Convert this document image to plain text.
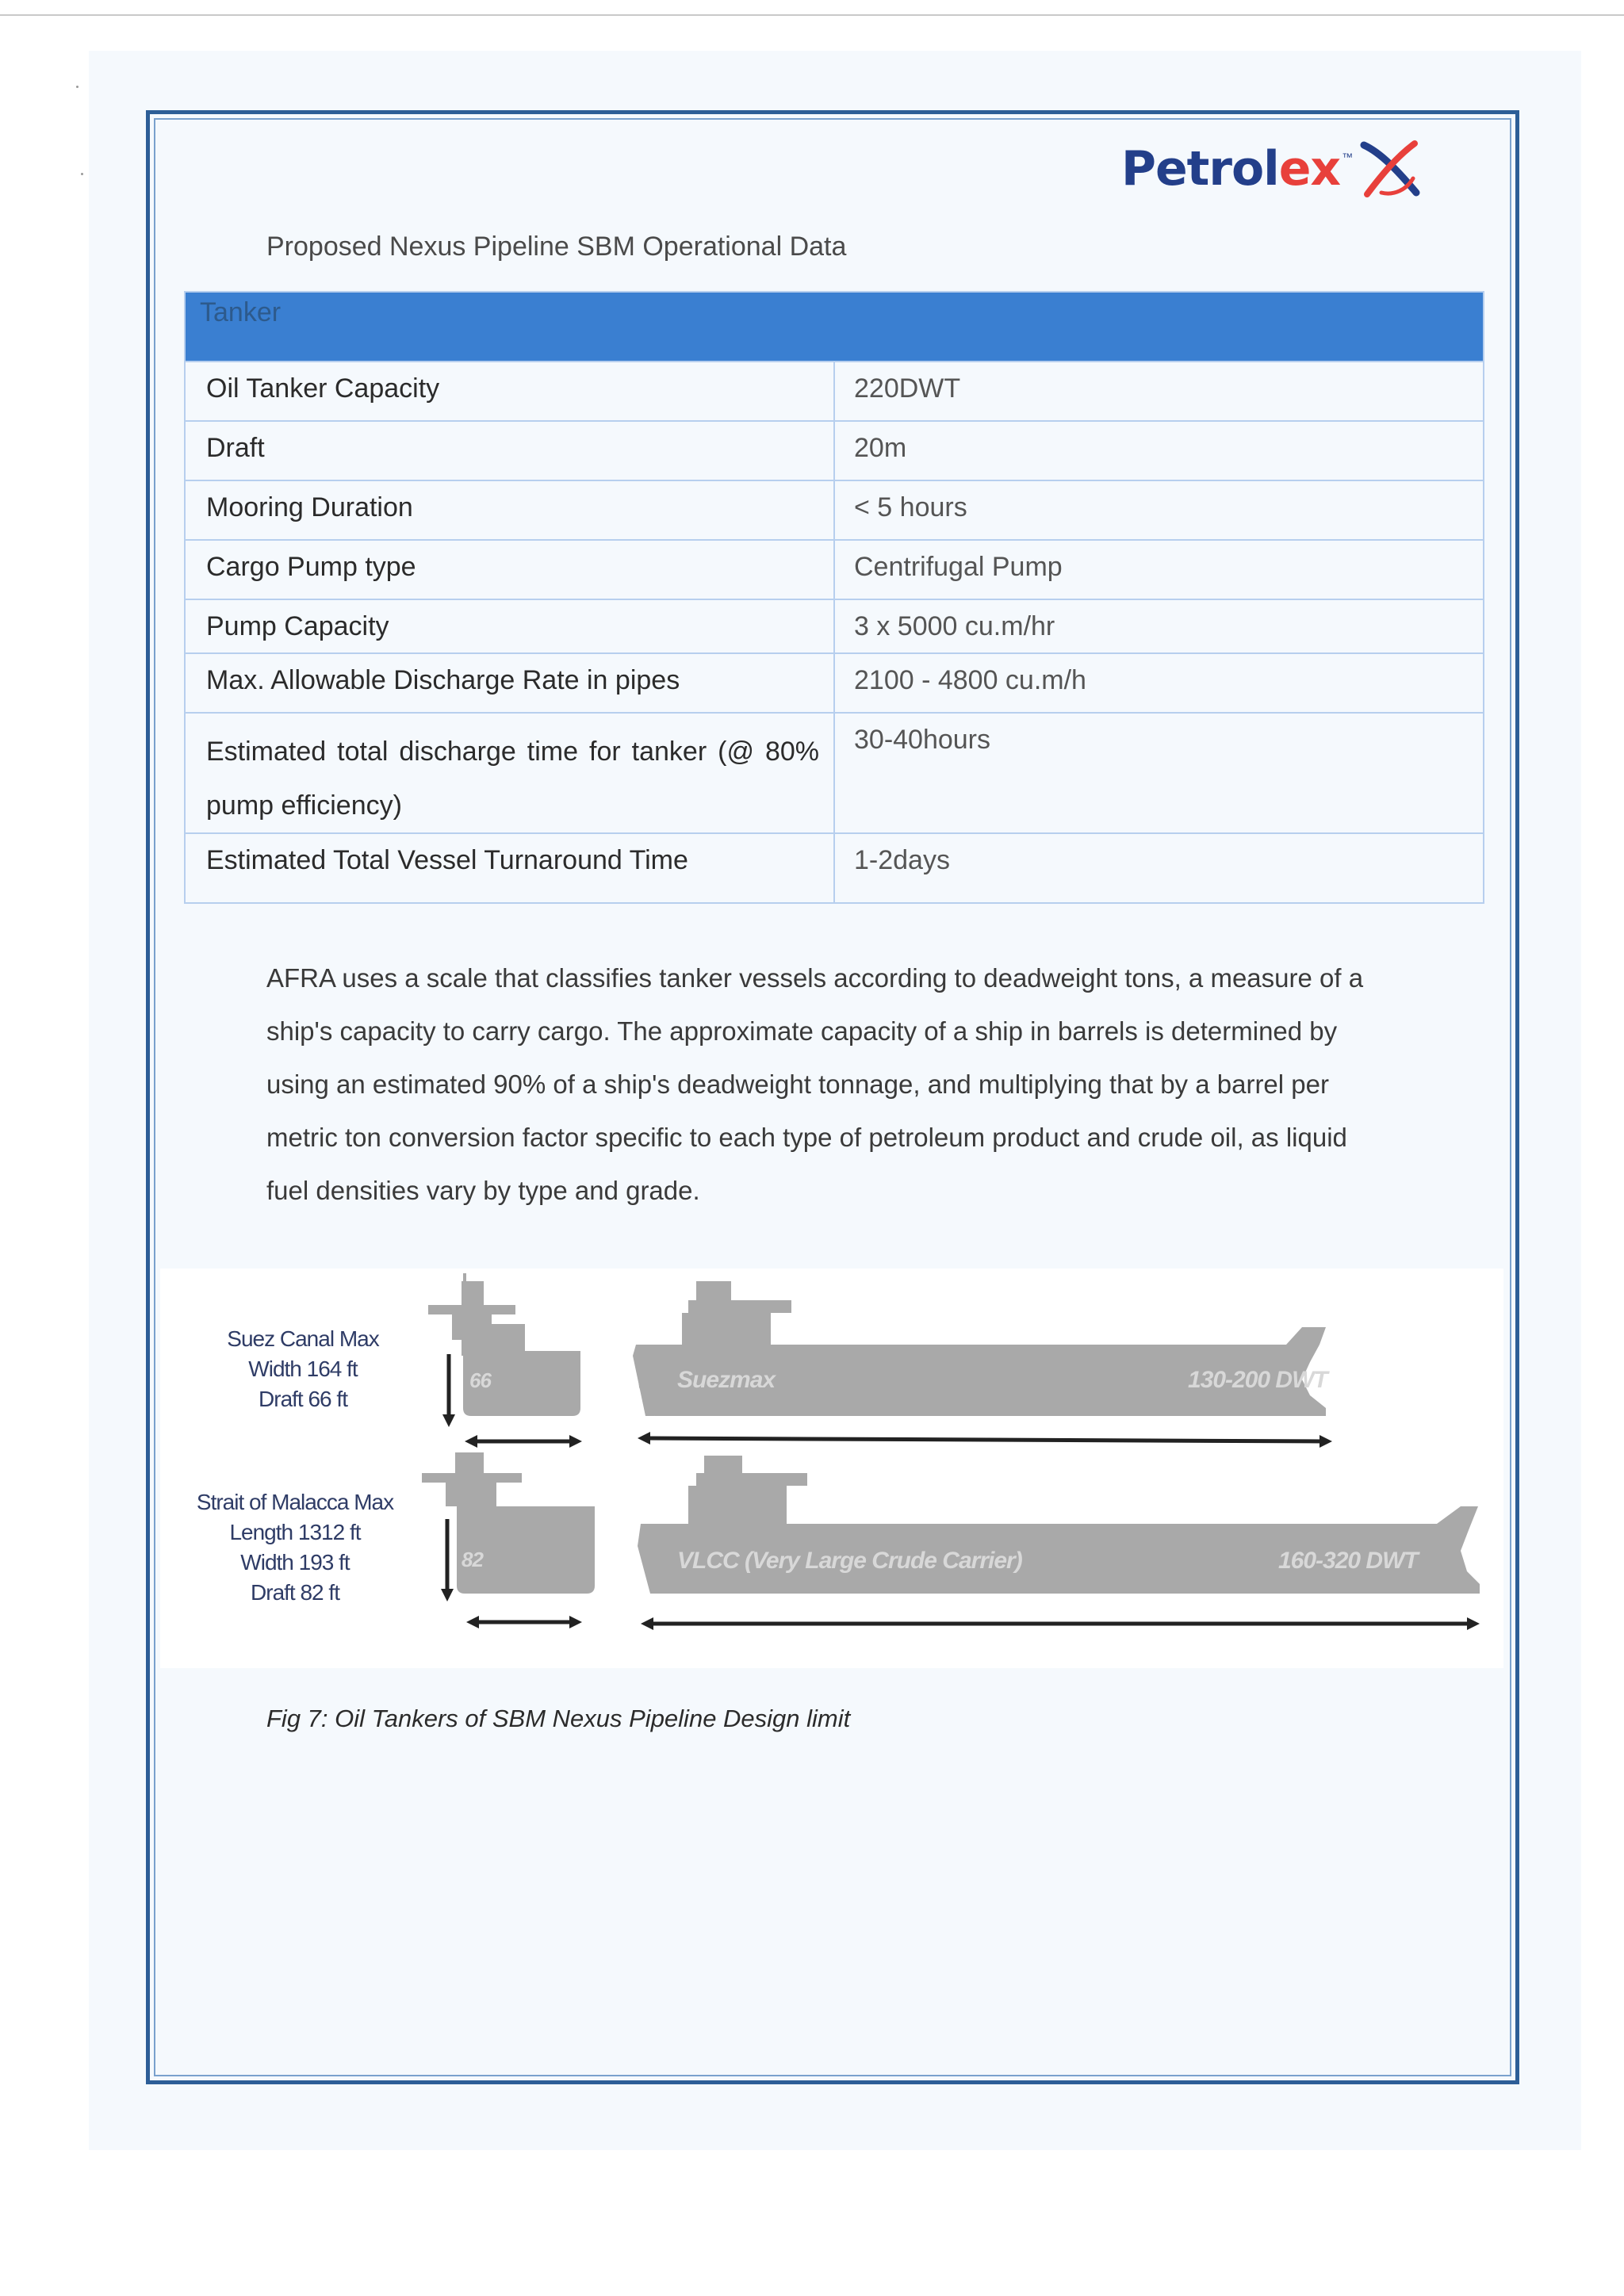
Petrolex ™
Proposed Nexus Pipeline SBM Operational Data
Tanker	
Oil Tanker Capacity	220DWT
Draft	20m
Mooring Duration	< 5 hours
Cargo Pump type	Centrifugal Pump
Pump Capacity	3 x 5000 cu.m/hr
Max. Allowable Discharge Rate in pipes	2100 - 4800 cu.m/h
Estimated total discharge time for tanker (@ 80% pump efficiency)	30-40hours
Estimated Total Vessel Turnaround Time	1-2days
AFRA uses a scale that classifies tanker vessels according to deadweight tons, a measure of a ship's capacity to carry cargo. The approximate capacity of a ship in barrels is determined by using an estimated 90% of a ship's deadweight tonnage, and multiplying that by a barrel per metric ton conversion factor specific to each type of petroleum product and crude oil, as liquid fuel densities vary by type and grade.
Suez Canal Max
Width 164 ft
Draft 66 ft
66	Suezmax	130-200 DWT
Strait of Malacca Max
Length 1312 ft
Width 193 ft
Draft 82 ft
82	VLCC (Very Large Crude Carrier)	160-320 DWT
Fig 7: Oil Tankers of SBM Nexus Pipeline Design limit
